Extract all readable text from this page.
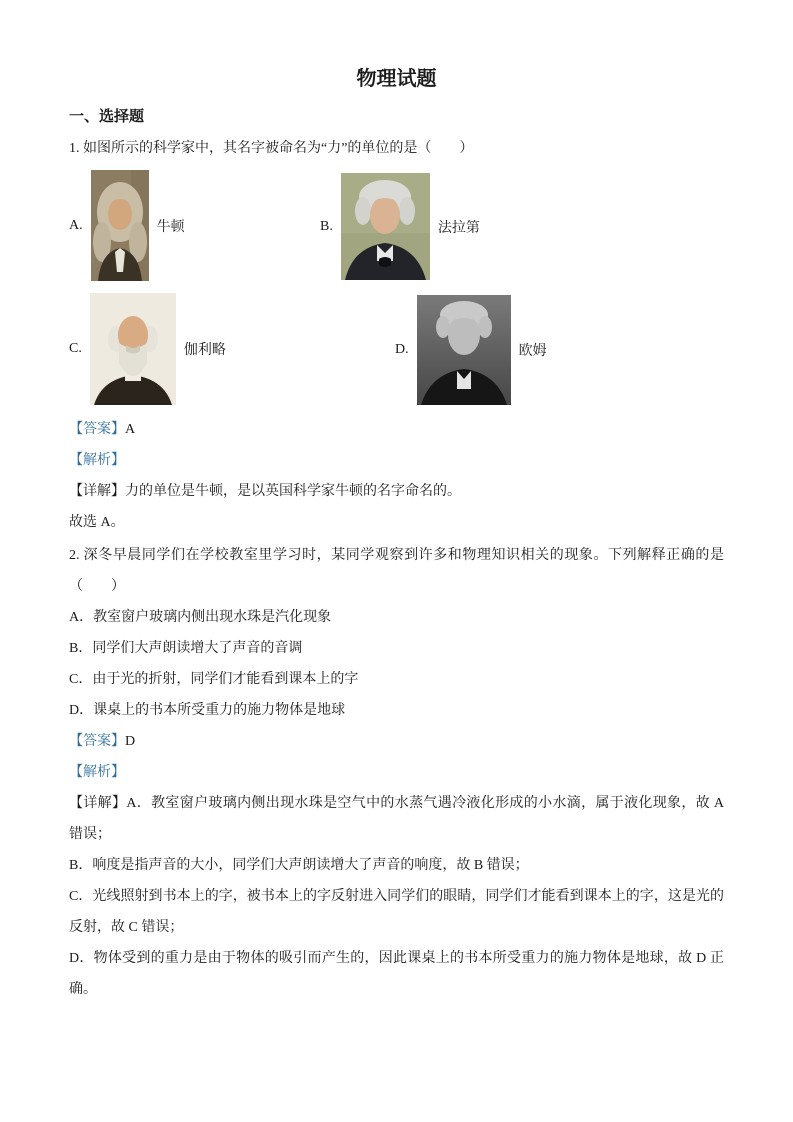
物理试题
一、选择题
1. 如图所示的科学家中，其名字被命名为“力”的单位的是（　　）
A.	牛顿	B.	法拉第
C.	伽利略	D.	欧姆
【答案】A
【解析】
【详解】力的单位是牛顿，是以英国科学家牛顿的名字命名的。
故选 A。
2. 深冬早晨同学们在学校教室里学习时，某同学观察到许多和物理知识相关的现象。下列解释正确的是
（　　）
A．教室窗户玻璃内侧出现水珠是汽化现象
B．同学们大声朗读增大了声音的音调
C．由于光的折射，同学们才能看到课本上的字
D．课桌上的书本所受重力的施力物体是地球
【答案】D
【解析】
【详解】A．教室窗户玻璃内侧出现水珠是空气中的水蒸气遇冷液化形成的小水滴，属于液化现象，故 A
错误；
B．响度是指声音的大小，同学们大声朗读增大了声音的响度，故 B 错误；
C．光线照射到书本上的字，被书本上的字反射进入同学们的眼睛，同学们才能看到课本上的字，这是光的
反射，故 C 错误；
D．物体受到的重力是由于物体的吸引而产生的，因此课桌上的书本所受重力的施力物体是地球，故 D 正
确。
